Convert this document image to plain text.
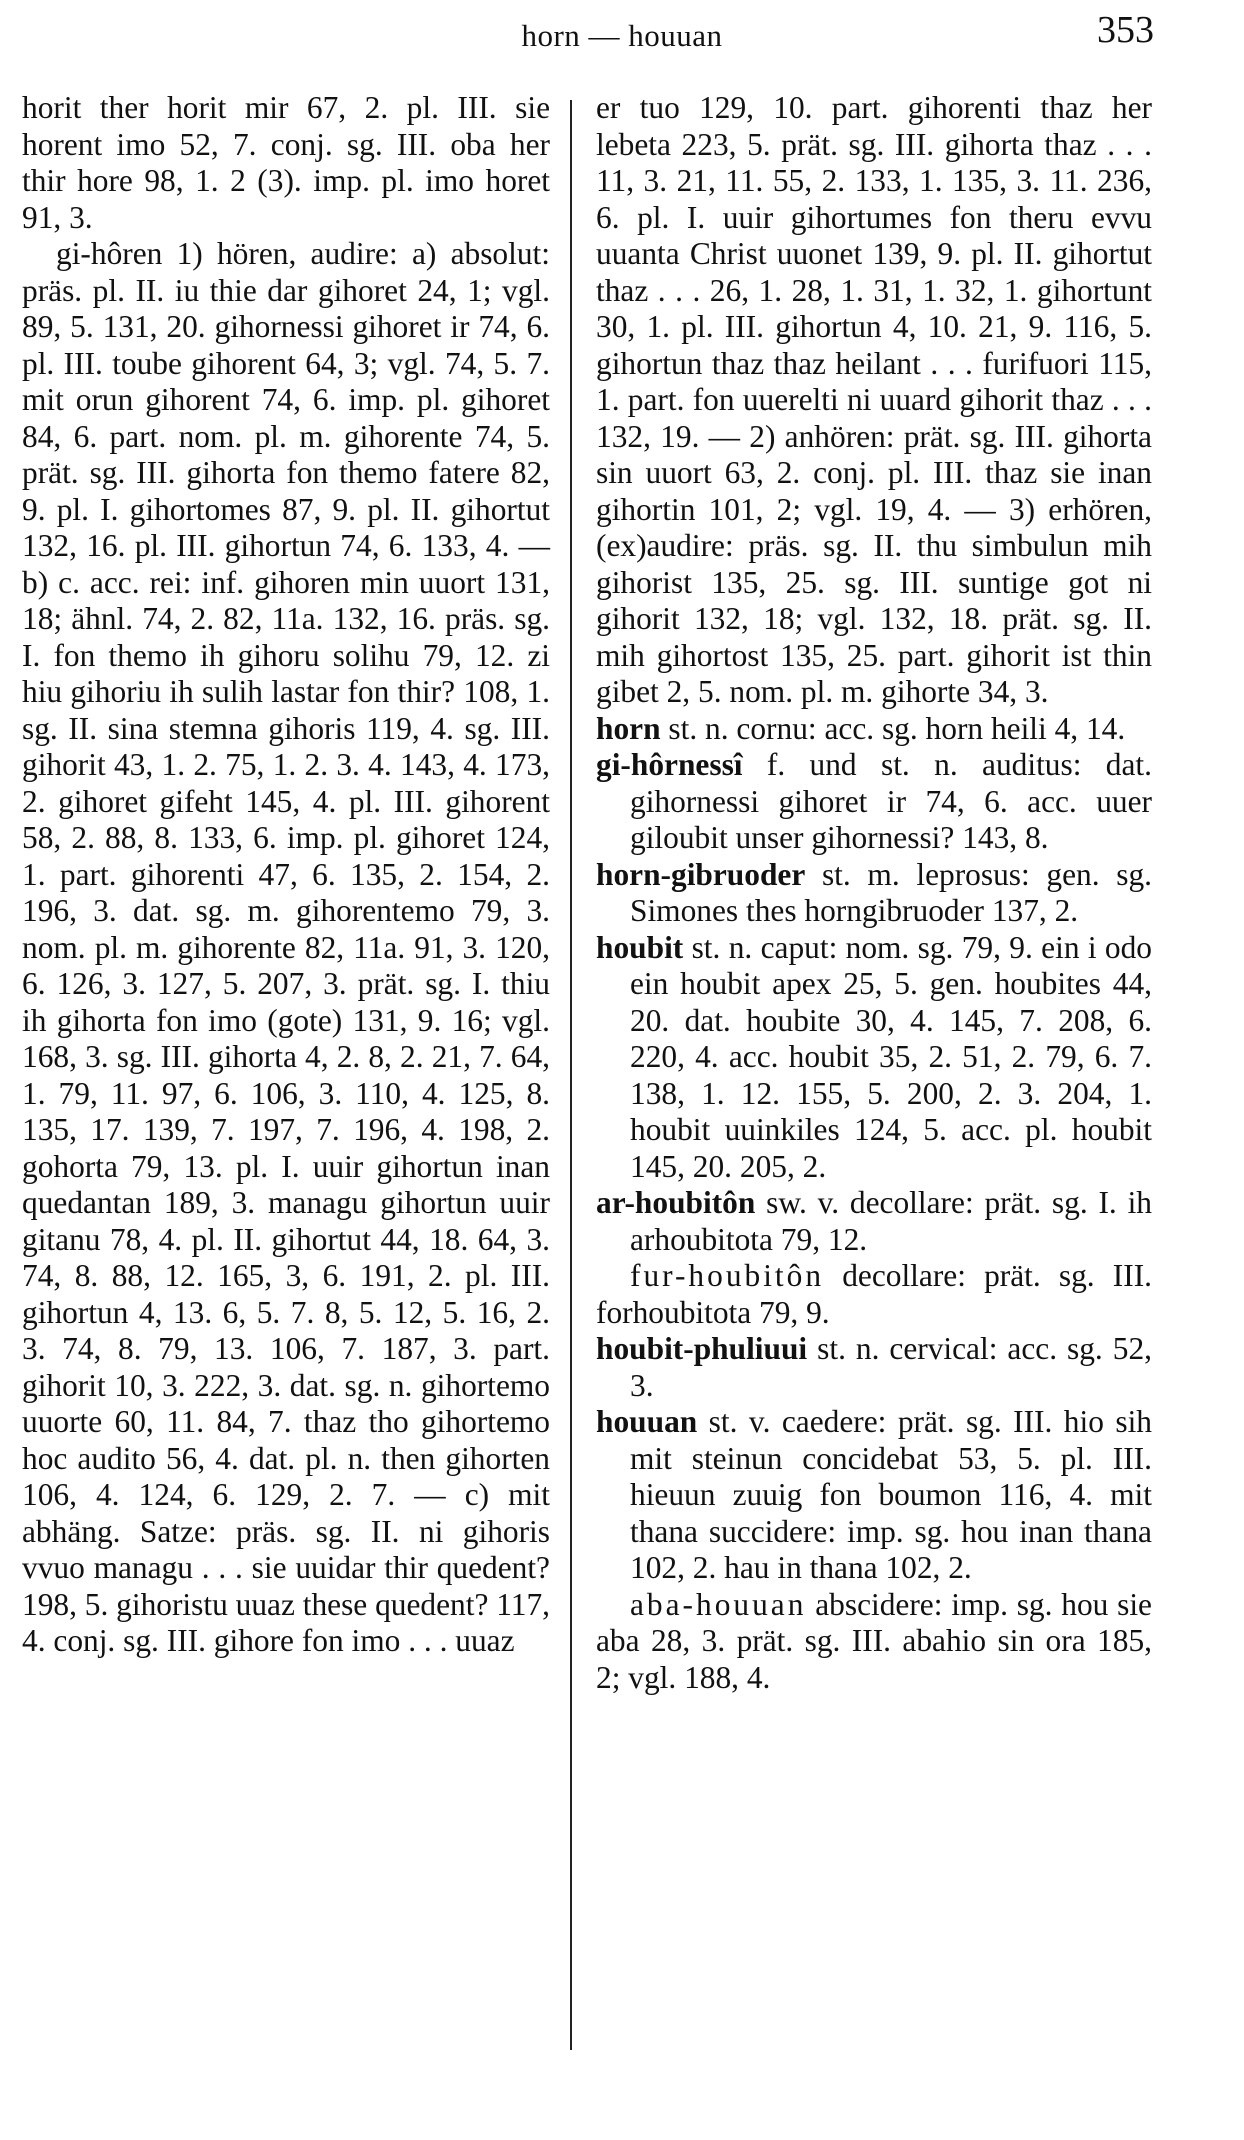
horn — houuan	353

horit ther horit mir 67, 2. pl. III. sie horent imo 52, 7. conj. sg. III. oba her thir hore 98, 1. 2 (3). imp. pl. imo horet 91, 3.

gi-hôren 1) hören, audire: a) absolut: präs. pl. II. iu thie dar gihoret 24, 1; vgl. 89, 5. 131, 20. gihornessi gihoret ir 74, 6. pl. III. toube gihorent 64, 3; vgl. 74, 5. 7. mit orun gihorent 74, 6. imp. pl. gihoret 84, 6. part. nom. pl. m. gihorente 74, 5. prät. sg. III. gihorta fon themo fatere 82, 9. pl. I. gihortomes 87, 9. pl. II. gihortut 132, 16. pl. III. gihortun 74, 6. 133, 4. — b) c. acc. rei: inf. gihoren min uuort 131, 18; ähnl. 74, 2. 82, 11a. 132, 16. präs. sg. I. fon themo ih gihoru solihu 79, 12. zi hiu gihoriu ih sulih lastar fon thir? 108, 1. sg. II. sina stemna gihoris 119, 4. sg. III. gihorit 43, 1. 2. 75, 1. 2. 3. 4. 143, 4. 173, 2. gihoret gifeht 145, 4. pl. III. gihorent 58, 2. 88, 8. 133, 6. imp. pl. gihoret 124, 1. part. gihorenti 47, 6. 135, 2. 154, 2. 196, 3. dat. sg. m. gihorentemo 79, 3. nom. pl. m. gihorente 82, 11a. 91, 3. 120, 6. 126, 3. 127, 5. 207, 3. prät. sg. I. thiu ih gihorta fon imo (gote) 131, 9. 16; vgl. 168, 3. sg. III. gihorta 4, 2. 8, 2. 21, 7. 64, 1. 79, 11. 97, 6. 106, 3. 110, 4. 125, 8. 135, 17. 139, 7. 197, 7. 196, 4. 198, 2. gohorta 79, 13. pl. I. uuir gihortun inan quedantan 189, 3. managu gihortun uuir gitanu 78, 4. pl. II. gihortut 44, 18. 64, 3. 74, 8. 88, 12. 165, 3, 6. 191, 2. pl. III. gihortun 4, 13. 6, 5. 7. 8, 5. 12, 5. 16, 2. 3. 74, 8. 79, 13. 106, 7. 187, 3. part. gihorit 10, 3. 222, 3. dat. sg. n. gihortemo uuorte 60, 11. 84, 7. thaz tho gihortemo hoc audito 56, 4. dat. pl. n. then gihorten 106, 4. 124, 6. 129, 2. 7. — c) mit abhäng. Satze: präs. sg. II. ni gihoris vvuo managu . . . sie uuidar thir quedent? 198, 5. gihoristu uuaz these quedent? 117, 4. conj. sg. III. gihore fon imo . . . uuaz

er tuo 129, 10. part. gihorenti thaz her lebeta 223, 5. prät. sg. III. gihorta thaz . . . 11, 3. 21, 11. 55, 2. 133, 1. 135, 3. 11. 236, 6. pl. I. uuir gihortumes fon theru evvu uuanta Christ uuonet 139, 9. pl. II. gihortut thaz . . . 26, 1. 28, 1. 31, 1. 32, 1. gihortunt 30, 1. pl. III. gihortun 4, 10. 21, 9. 116, 5. gihortun thaz thaz heilant . . . furifuori 115, 1. part. fon uuerelti ni uuard gihorit thaz . . . 132, 19. — 2) anhören: prät. sg. III. gihorta sin uuort 63, 2. conj. pl. III. thaz sie inan gihortin 101, 2; vgl. 19, 4. — 3) erhören, (ex)audire: präs. sg. II. thu simbulun mih gihorist 135, 25. sg. III. suntige got ni gihorit 132, 18; vgl. 132, 18. prät. sg. II. mih gihortost 135, 25. part. gihorit ist thin gibet 2, 5. nom. pl. m. gihorte 34, 3.

horn st. n. cornu: acc. sg. horn heili 4, 14.

gi-hôrnessî f. und st. n. auditus: dat. gihornessi gihoret ir 74, 6. acc. uuer giloubit unser gihornessi? 143, 8.

horn-gibruoder st. m. leprosus: gen. sg. Simones thes horngibruoder 137, 2.

houbit st. n. caput: nom. sg. 79, 9. ein i odo ein houbit apex 25, 5. gen. houbites 44, 20. dat. houbite 30, 4. 145, 7. 208, 6. 220, 4. acc. houbit 35, 2. 51, 2. 79, 6. 7. 138, 1. 12. 155, 5. 200, 2. 3. 204, 1. houbit uuinkiles 124, 5. acc. pl. houbit 145, 20. 205, 2.

ar-houbitôn sw. v. decollare: prät. sg. I. ih arhoubitota 79, 12.

fur-houbitôn decollare: prät. sg. III. forhoubitota 79, 9.

houbit-phuliuui st. n. cervical: acc. sg. 52, 3.

houuan st. v. caedere: prät. sg. III. hio sih mit steinun concidebat 53, 5. pl. III. hieuun zuuig fon boumon 116, 4. mit thana succidere: imp. sg. hou inan thana 102, 2. hau in thana 102, 2.

aba-houuan abscidere: imp. sg. hou sie aba 28, 3. prät. sg. III. abahio sin ora 185, 2; vgl. 188, 4.
